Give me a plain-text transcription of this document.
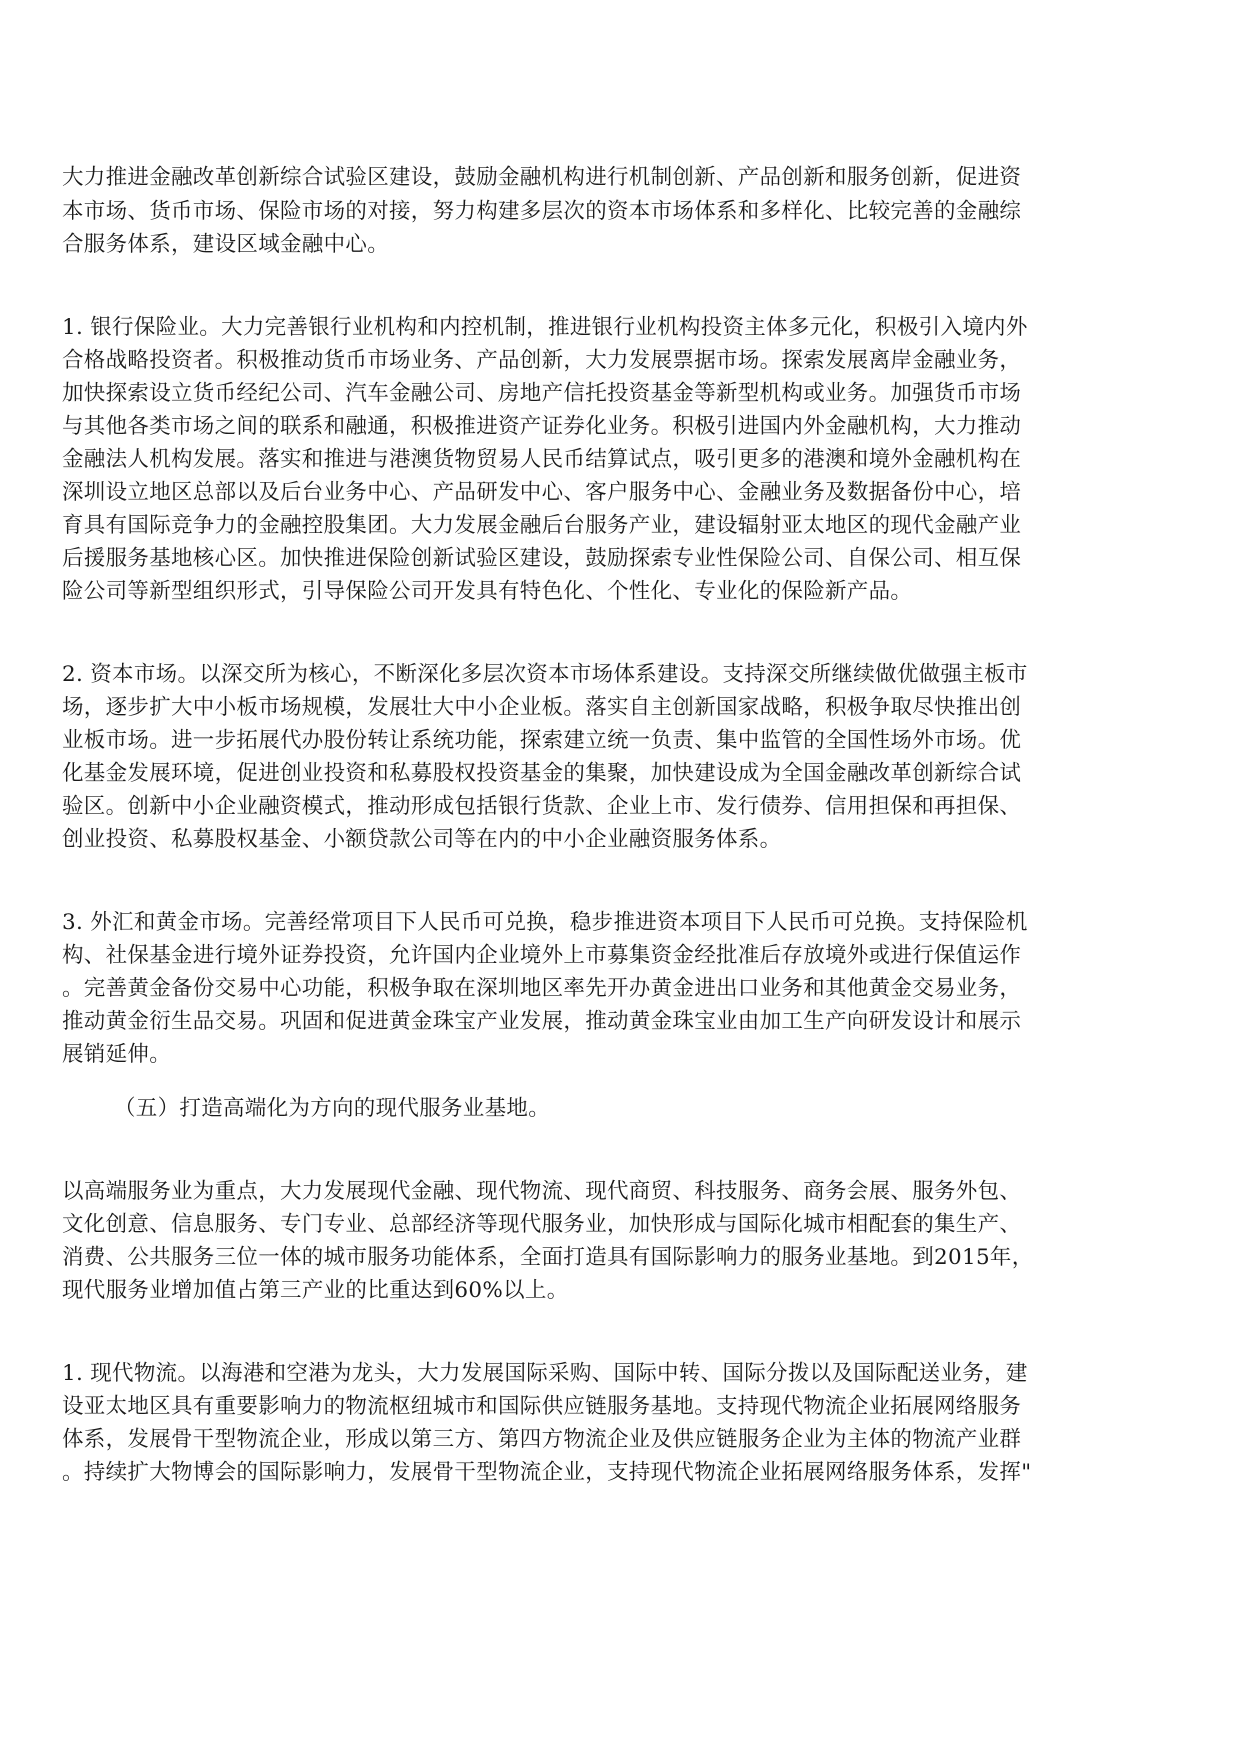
大力推进金融改革创新综合试验区建设，鼓励金融机构进行机制创新、产品创新和服务创新，促进资

本市场、货币市场、保险市场的对接，努力构建多层次的资本市场体系和多样化、比较完善的金融综

合服务体系，建设区域金融中心。

1. 银行保险业。大力完善银行业机构和内控机制，推进银行业机构投资主体多元化，积极引入境内外

合格战略投资者。积极推动货币市场业务、产品创新，大力发展票据市场。探索发展离岸金融业务，

加快探索设立货币经纪公司、汽车金融公司、房地产信托投资基金等新型机构或业务。加强货币市场

与其他各类市场之间的联系和融通，积极推进资产证券化业务。积极引进国内外金融机构，大力推动

金融法人机构发展。落实和推进与港澳货物贸易人民币结算试点，吸引更多的港澳和境外金融机构在

深圳设立地区总部以及后台业务中心、产品研发中心、客户服务中心、金融业务及数据备份中心，培

育具有国际竞争力的金融控股集团。大力发展金融后台服务产业，建设辐射亚太地区的现代金融产业

后援服务基地核心区。加快推进保险创新试验区建设，鼓励探索专业性保险公司、自保公司、相互保

险公司等新型组织形式，引导保险公司开发具有特色化、个性化、专业化的保险新产品。

2. 资本市场。以深交所为核心，不断深化多层次资本市场体系建设。支持深交所继续做优做强主板市

场，逐步扩大中小板市场规模，发展壮大中小企业板。落实自主创新国家战略，积极争取尽快推出创

业板市场。进一步拓展代办股份转让系统功能，探索建立统一负责、集中监管的全国性场外市场。优

化基金发展环境，促进创业投资和私募股权投资基金的集聚，加快建设成为全国金融改革创新综合试

验区。创新中小企业融资模式，推动形成包括银行货款、企业上市、发行债券、信用担保和再担保、

创业投资、私募股权基金、小额贷款公司等在内的中小企业融资服务体系。

3. 外汇和黄金市场。完善经常项目下人民币可兑换，稳步推进资本项目下人民币可兑换。支持保险机

构、社保基金进行境外证券投资，允许国内企业境外上市募集资金经批准后存放境外或进行保值运作

。完善黄金备份交易中心功能，积极争取在深圳地区率先开办黄金进出口业务和其他黄金交易业务，

推动黄金衍生品交易。巩固和促进黄金珠宝产业发展，推动黄金珠宝业由加工生产向研发设计和展示

展销延伸。

（五）打造高端化为方向的现代服务业基地。

以高端服务业为重点，大力发展现代金融、现代物流、现代商贸、科技服务、商务会展、服务外包、

文化创意、信息服务、专门专业、总部经济等现代服务业，加快形成与国际化城市相配套的集生产、

消费、公共服务三位一体的城市服务功能体系，全面打造具有国际影响力的服务业基地。到2015年，

现代服务业增加值占第三产业的比重达到60%以上。

1. 现代物流。以海港和空港为龙头，大力发展国际采购、国际中转、国际分拨以及国际配送业务，建

设亚太地区具有重要影响力的物流枢纽城市和国际供应链服务基地。支持现代物流企业拓展网络服务

体系，发展骨干型物流企业，形成以第三方、第四方物流企业及供应链服务企业为主体的物流产业群

。持续扩大物博会的国际影响力，发展骨干型物流企业，支持现代物流企业拓展网络服务体系，发挥"
